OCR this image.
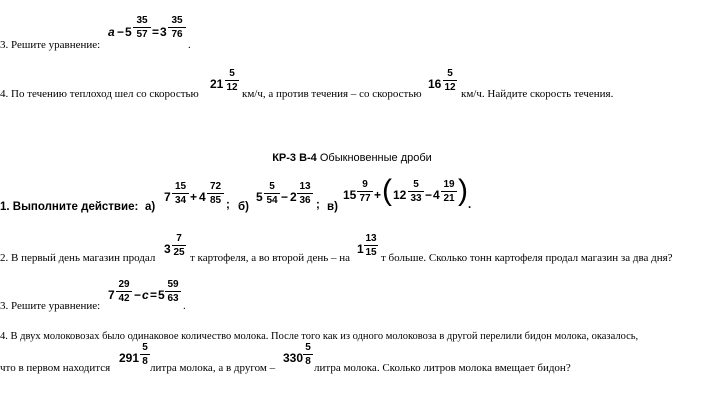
3. Решите уравнение:
a − 5
35
57 = 3
35
76
.
4. По течению теплоход шел со скоростью
21
5
12
км/ч, а против течения – со скоростью
16
5
12
км/ч. Найдите скорость течения.
КР-3 В-4 Обыкновенные дроби
1. Выполните действие: а)
7
15
34 + 4
72
85 ; б)
5
5
54 − 2
13
36 ; в)
15
9
77 + ( 12
5
33 − 4
19
21 ) .
2. В первый день магазин продал
3
7
25 т картофеля, а во второй день – на
1
13
15 т больше. Сколько тонн картофеля продал магазин за два дня?
3. Решите уравнение:
7
29
42 − c = 5
59
63
.
4. В двух молоковозах было одинаковое количество молока. После того как из одного молоковоза в другой перелили бидон молока, оказалось,
что в первом находится
291
5
8
литра молока, а в другом –
330
5
8
литра молока. Сколько литров молока вмещает бидон?
